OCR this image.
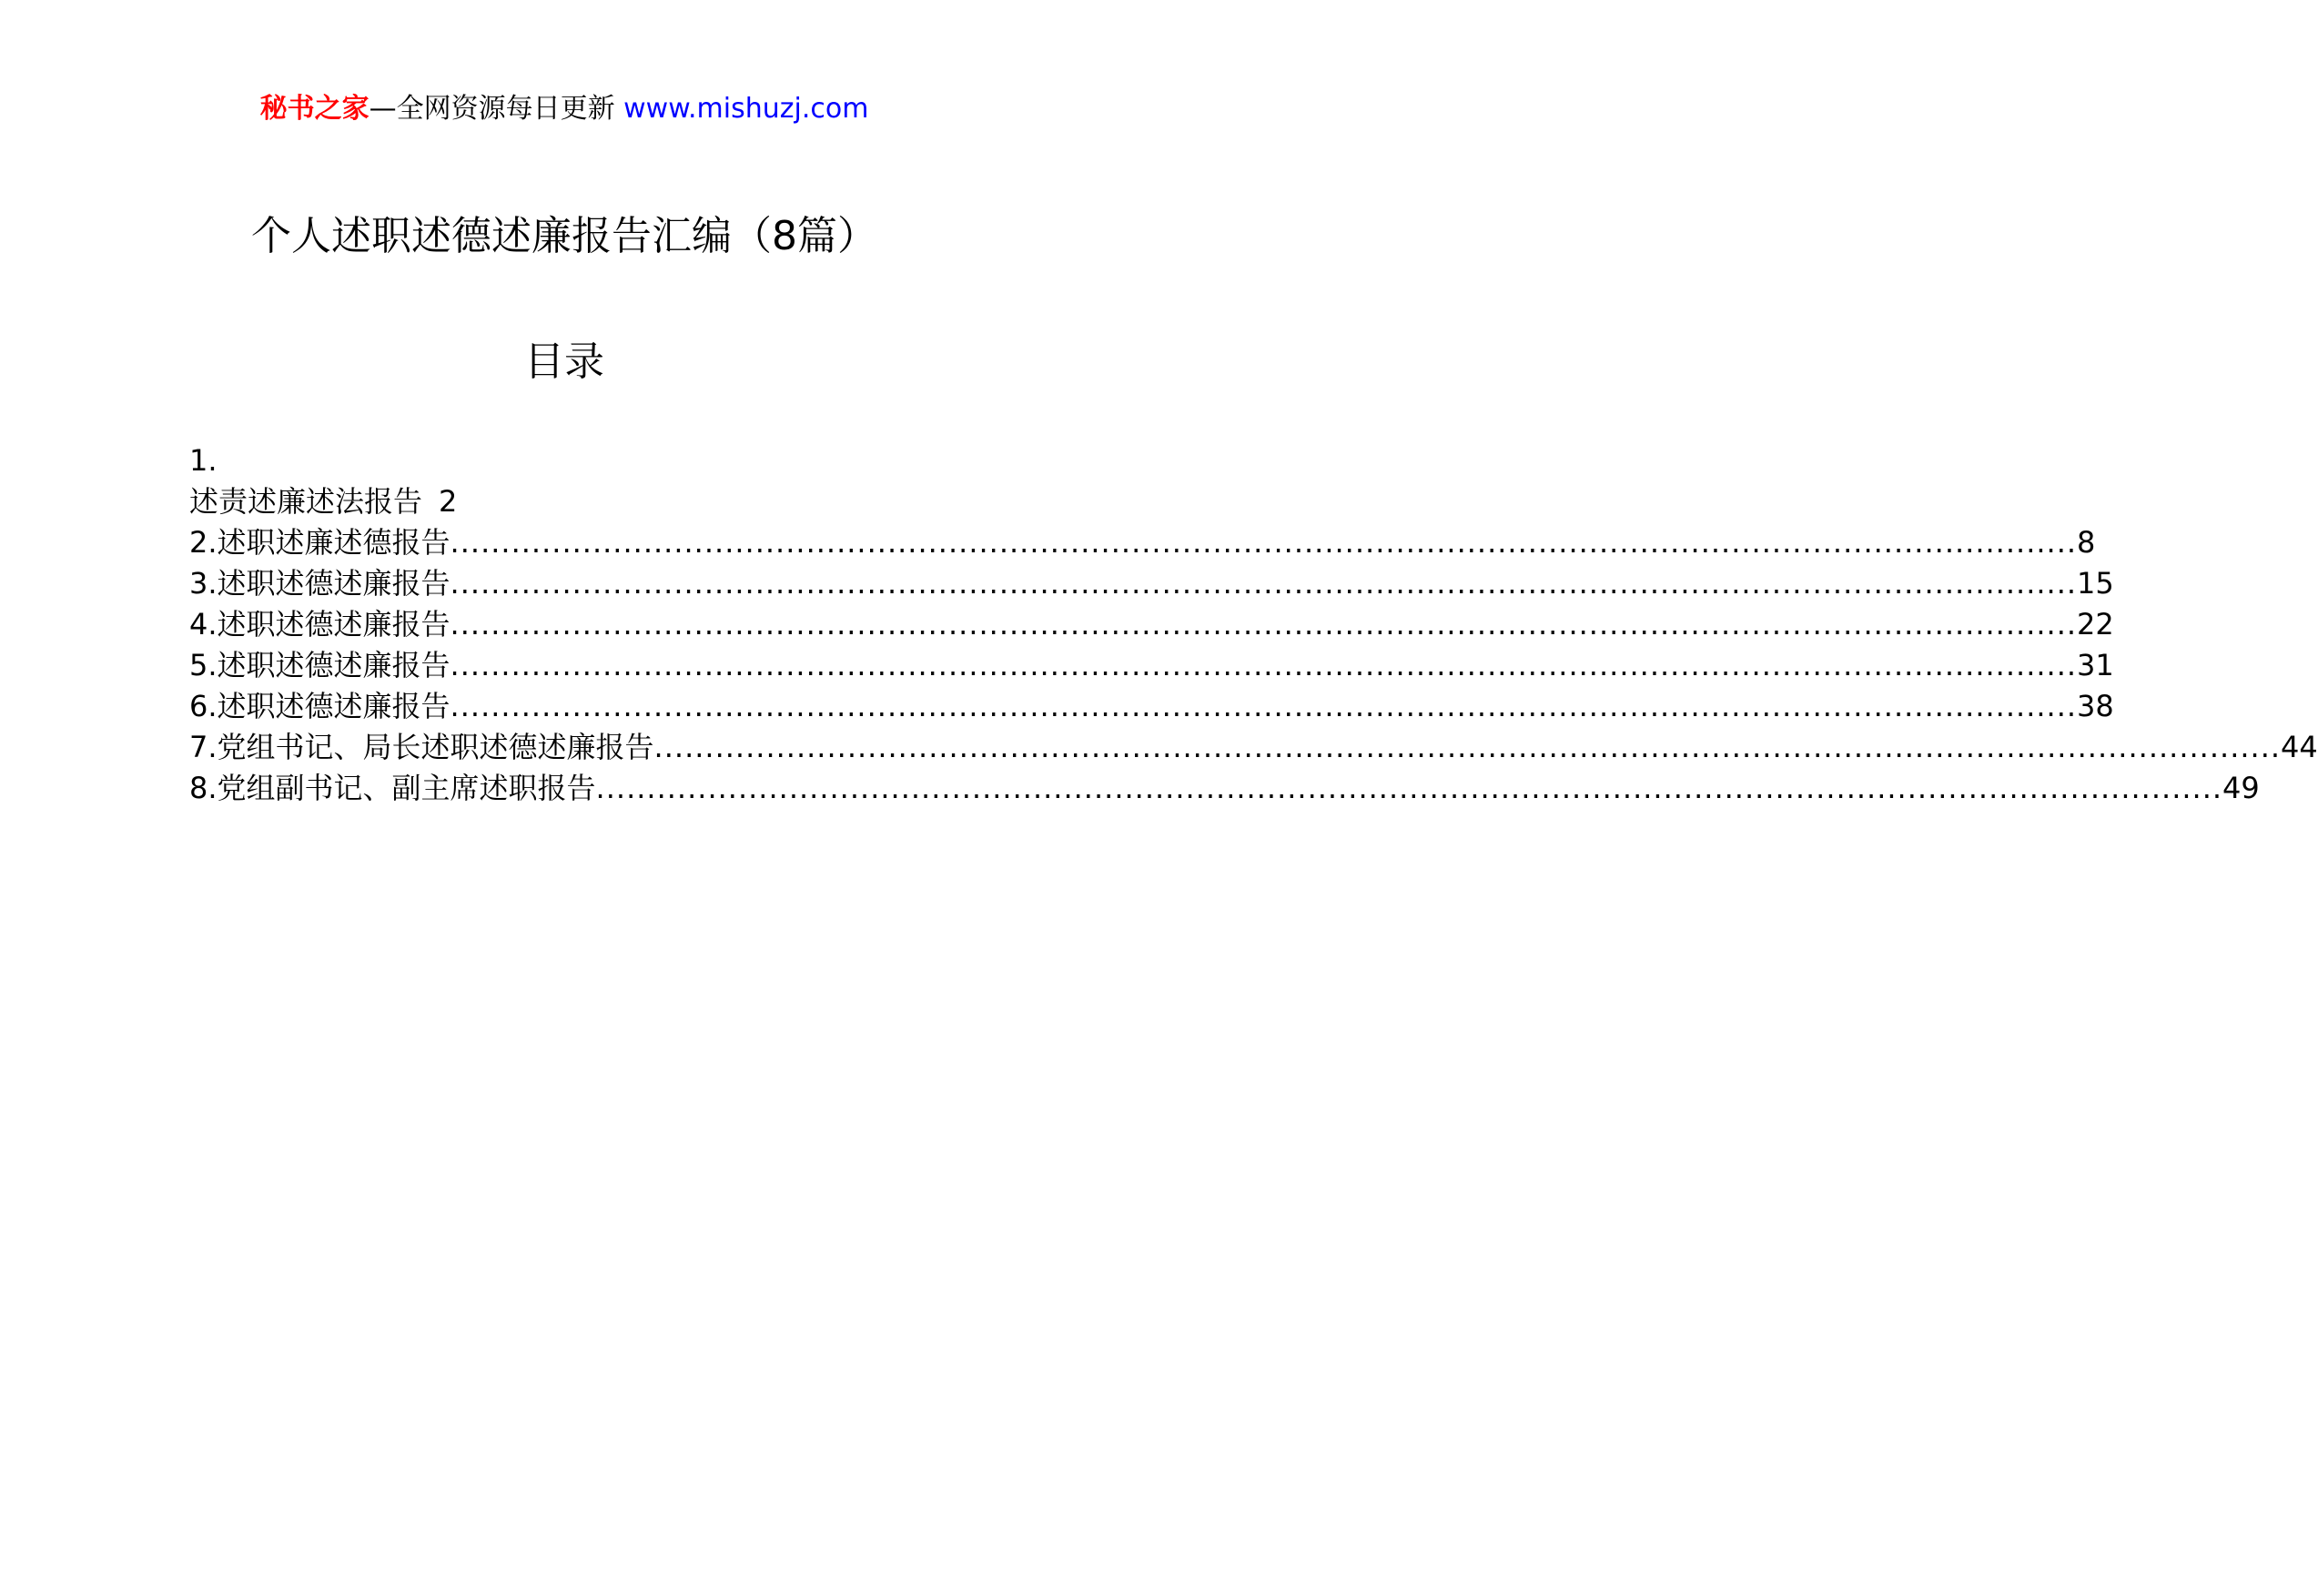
秘书之家—全网资源每日更新 www.mishuzj.com
个人述职述德述廉报告汇编（8篇）
目录
1.
述责述廉述法报告 2
2.述职述廉述德报告 ................................................................................................................................................................ 8
3.述职述德述廉报告 ................................................................................................................................................................ 15
4.述职述德述廉报告 ................................................................................................................................................................ 22
5.述职述德述廉报告 ................................................................................................................................................................ 31
6.述职述德述廉报告 ................................................................................................................................................................ 38
7.党组书记、局长述职述德述廉报告 ................................................................................................................................................................ 44
8.党组副书记、副主席述职报告 ................................................................................................................................................................ 49
